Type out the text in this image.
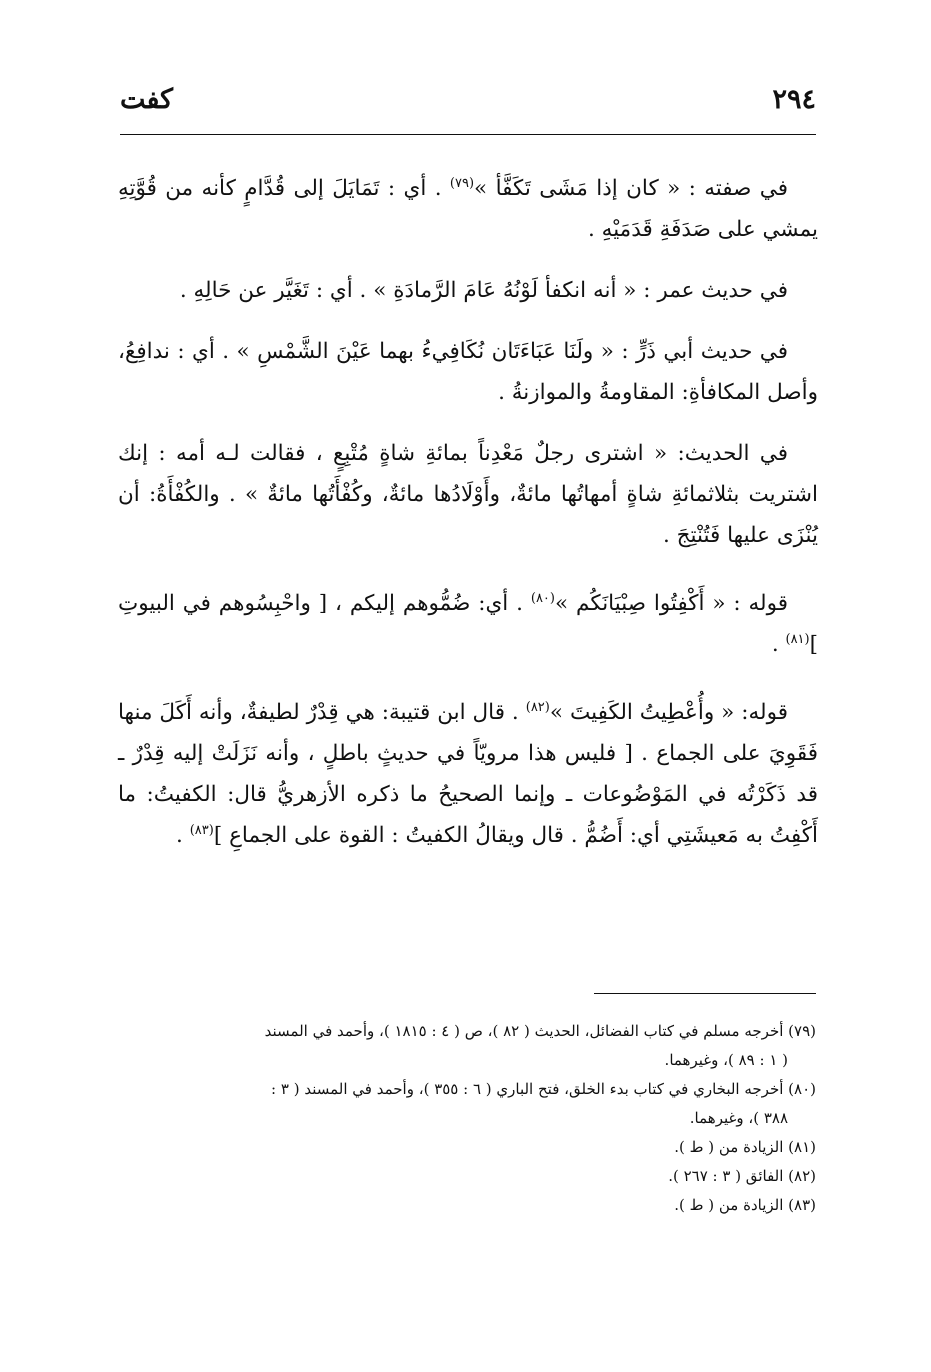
٢٩٤
كفت

في صفته : « كان إذا مَشَى تَكَفَّأ »$^{(٧٩)}$ . أي : تَمَايَلَ إلى قُدَّامٍ كأنه من قُوَّتِهِ يمشي على صَدَفَةِ قَدَمَيْهِ .

في حديث عمر : « أنه انكفأ لَوْنُهُ عَامَ الرَّمادَةِ » . أي : تَغَيَّر عن حَالِهِ .

في حديث أبي ذَرٍّ : « ولَنَا عَبَاءَتَان نُكَافِيءُ بهما عَيْنَ الشَّمْسِ » . أي : ندافِعُ، وأصل المكافأةِ: المقاومةُ والموازنةُ .

في الحديث: « اشترى رجلٌ مَعْدِناً بمائةِ شاةٍ مُتْبِعٍ ، فقالت لـه أمه : إنك اشتريت بثلاثمائةِ شاةٍ أمهاتُها مائةٌ، وأَوْلَادُها مائةٌ، وكُفْأَتُها مائةٌ » . والكُفْأَةُ: أن يُنْزَى عليها فَتُنْتِجَ .

قوله : « أَكْفِتُوا صِبْيَانَكُم »$^{(٨٠)}$ . أي: ضُمُّوهم إليكم ، [ واحْبِسُوهم في البيوتِ ]$^{(٨١)}$ .

قوله: « وأُعْطِيتُ الكَفِيتَ »$^{(٨٢)}$ . قال ابن قتيبة: هي قِدْرٌ لطيفةٌ، وأنه أَكَلَ منها فَقَوِيَ على الجماع . [ فليس هذا مرويّاً في حديثٍ باطلٍ ، وأنه نَزَلَتْ إليه قِدْرٌ ـ قد ذَكَرْتُه في المَوْضُوعات ـ وإنما الصحيحُ ما ذكره الأزهريُّ قال: الكفيتُ: ما أَكْفِتُ به مَعيشَتِي أي: أَضُمُّ . قال ويقالُ الكفيتُ : القوة على الجماعِ ]$^{(٨٣)}$ .

(٧٩) أخرجه مسلم في كتاب الفضائل، الحديث ( ٨٢ )، ص ( ٤ : ١٨١٥ )، وأحمد في المسند
( ١ : ٨٩ )، وغيرهما.

(٨٠) أخرجه البخاري في كتاب بدء الخلق، فتح الباري ( ٦ : ٣٥٥ )، وأحمد في المسند ( ٣ :
٣٨٨ )، وغيرهما.

(٨١) الزيادة من ( ط ).

(٨٢) الفائق ( ٣ : ٢٦٧ ).

(٨٣) الزيادة من ( ط ).
